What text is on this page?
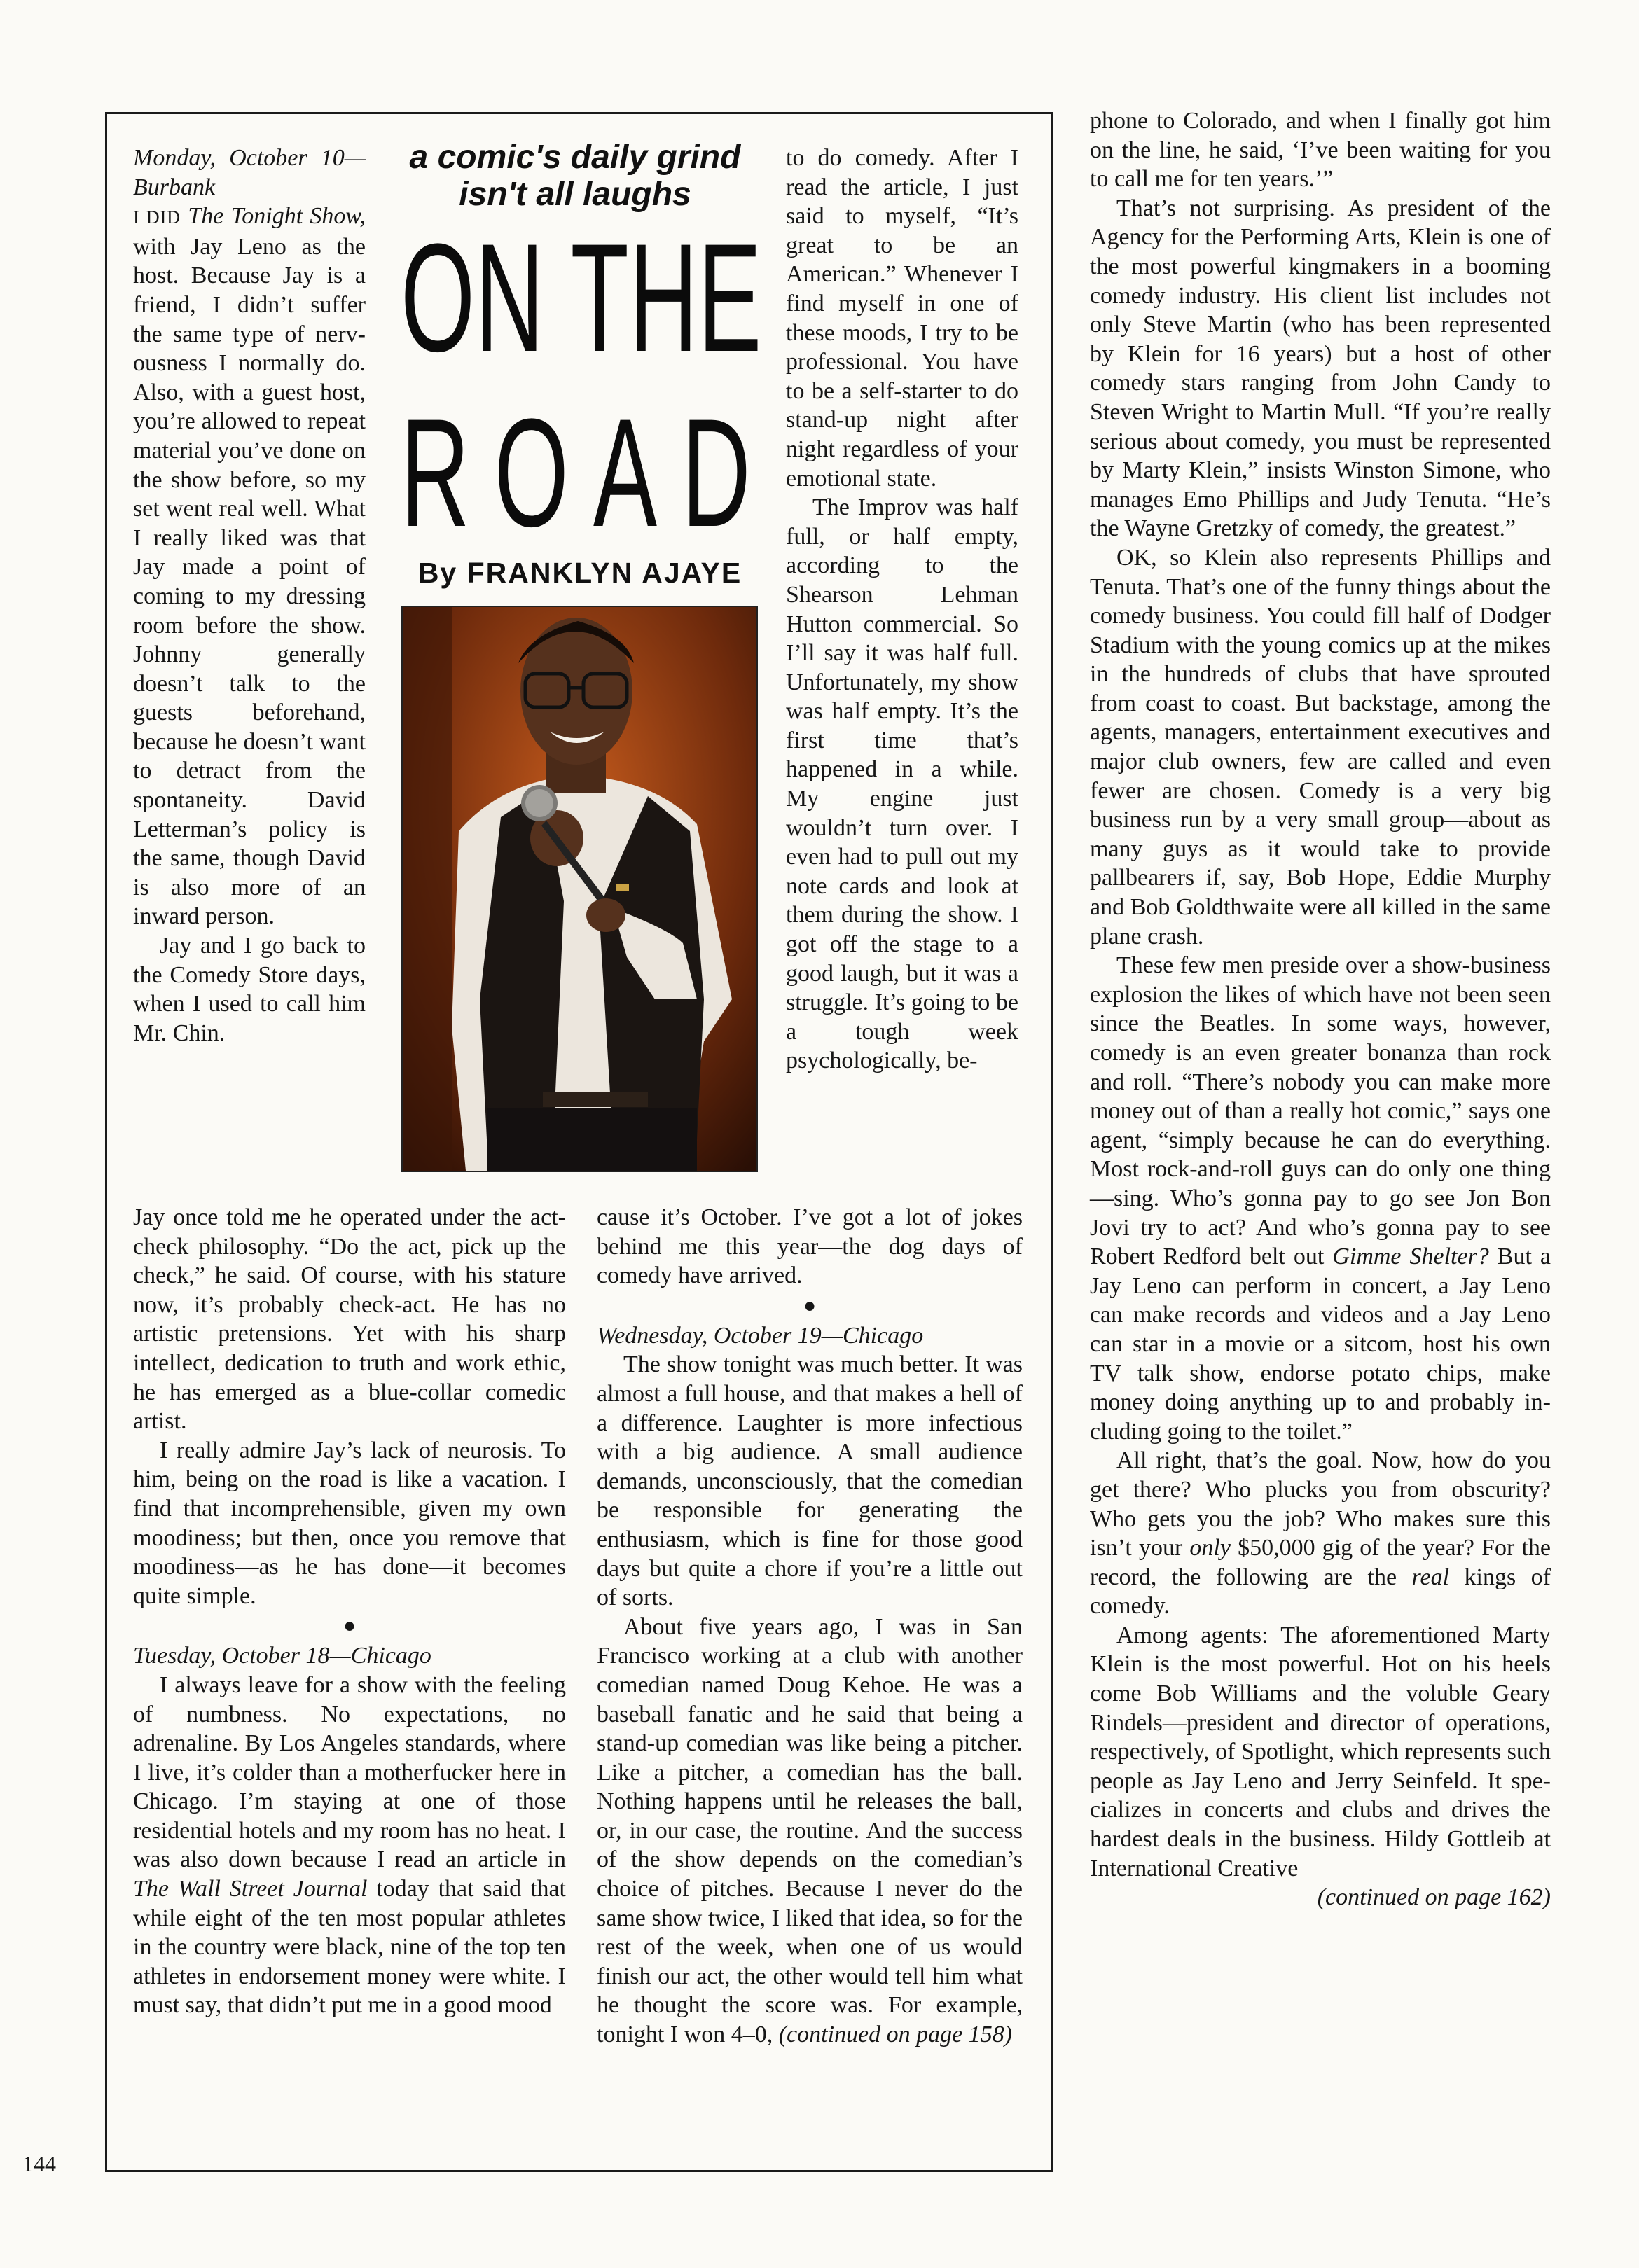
Monday, October 10—Burbank

I DID The Tonight Show, with Jay Leno as the host. Because Jay is a friend, I didn’t suffer the same type of nervousness I normally do. Also, with a guest host, you’re allowed to repeat material you’ve done on the show before, so my set went real well. What I really liked was that Jay made a point of coming to my dressing room before the show. Johnny generally doesn’t talk to the guests beforehand, because he doesn’t want to detract from the spontaneity. David Letterman’s policy is the same, though David is also more of an inward person.

Jay and I go back to the Comedy Store days, when I used to call him Mr. Chin.

Jay once told me he operated under the act-check philosophy. “Do the act, pick up the check,” he said. Of course, with his stature now, it’s probably check-act. He has no artistic pretensions. Yet with his sharp intellect, dedication to truth and work ethic, he has emerged as a blue-collar comedic artist.

I really admire Jay’s lack of neurosis. To him, being on the road is like a vacation. I find that incomprehensible, given my own moodiness; but then, once you remove that moodiness—as he has done—it becomes quite simple.

●

Tuesday, October 18—Chicago

I always leave for a show with the feeling of numbness. No expectations, no adrenaline. By Los Angeles standards, where I live, it’s colder than a motherfucker here in Chicago. I’m staying at one of those residential hotels and my room has no heat. I was also down because I read an article in The Wall Street Journal today that said that while eight of the ten most popular athletes in the country were black, nine of the top ten athletes in endorsement money were white. I must say, that didn’t put me in a good mood

a comic's daily grind isn't all laughs
O N
T H E
R O A D
By FRANKLYN AJAYE

to do comedy. After I read the article, I just said to myself, “It’s great to be an American.” Whenever I find myself in one of these moods, I try to be professional. You have to be a self-starter to do stand-up night after night regardless of your emotional state.

The Improv was half full, or half empty, according to the Shearson Lehman Hutton commercial. So I’ll say it was half full. Unfortunately, my show was half empty. It’s the first time that’s happened in a while. My engine just wouldn’t turn over. I even had to pull out my note cards and look at them during the show. I got off the stage to a good laugh, but it was a struggle. It’s going to be a tough week psychologically, be-

cause it’s October. I’ve got a lot of jokes behind me this year—the dog days of comedy have arrived.

●

Wednesday, October 19—Chicago

The show tonight was much better. It was almost a full house, and that makes a hell of a difference. Laughter is more infectious with a big audience. A small audience demands, unconsciously, that the comedian be responsible for generating the enthusiasm, which is fine for those good days but quite a chore if you’re a little out of sorts.

About five years ago, I was in San Francisco working at a club with another comedian named Doug Kehoe. He was a baseball fanatic and he said that being a stand-up comedian was like being a pitcher. Like a pitcher, a comedian has the ball. Nothing happens until he releases the ball, or, in our case, the routine. And the success of the show depends on the comedian’s choice of pitches. Because I never do the same show twice, I liked that idea, so for the rest of the week, when one of us would finish our act, the other would tell him what he thought the score was. For example, tonight I won 4–0, (continued on page 158)

phone to Colorado, and when I finally got him on the line, he said, ‘I’ve been waiting for you to call me for ten years.’”

That’s not surprising. As president of the Agency for the Performing Arts, Klein is one of the most powerful kingmakers in a booming comedy industry. His client list includes not only Steve Martin (who has been represented by Klein for 16 years) but a host of other comedy stars ranging from John Candy to Steven Wright to Martin Mull. “If you’re really serious about comedy, you must be represented by Marty Klein,” insists Winston Simone, who manages Emo Phillips and Judy Tenuta. “He’s the Wayne Gretzky of comedy, the greatest.”

OK, so Klein also represents Phillips and Tenuta. That’s one of the funny things about the comedy business. You could fill half of Dodger Stadium with the young comics up at the mikes in the hundreds of clubs that have sprouted from coast to coast. But backstage, among the agents, managers, entertainment executives and major club owners, few are called and even fewer are chosen. Comedy is a very big business run by a very small group—about as many guys as it would take to provide pallbearers if, say, Bob Hope, Eddie Murphy and Bob Goldthwaite were all killed in the same plane crash.

These few men preside over a show-business explosion the likes of which have not been seen since the Beatles. In some ways, however, comedy is an even greater bonanza than rock and roll. “There’s nobody you can make more money out of than a really hot comic,” says one agent, “simply because he can do everything. Most rock-and-roll guys can do only one thing—sing. Who’s gonna pay to go see Jon Bon Jovi try to act? And who’s gonna pay to see Robert Redford belt out Gimme Shelter? But a Jay Leno can perform in concert, a Jay Leno can make records and videos and a Jay Leno can star in a movie or a sitcom, host his own TV talk show, endorse potato chips, make money doing anything up to and probably including going to the toilet.”

All right, that’s the goal. Now, how do you get there? Who plucks you from obscurity? Who gets you the job? Who makes sure this isn’t your only $50,000 gig of the year? For the record, the following are the real kings of comedy.

Among agents: The aforementioned Marty Klein is the most powerful. Hot on his heels come Bob Williams and the voluble Geary Rindels—president and director of operations, respectively, of Spotlight, which represents such people as Jay Leno and Jerry Seinfeld. It specializes in concerts and clubs and drives the hardest deals in the business. Hildy Gottleib at International Creative

(continued on page 162)

144
